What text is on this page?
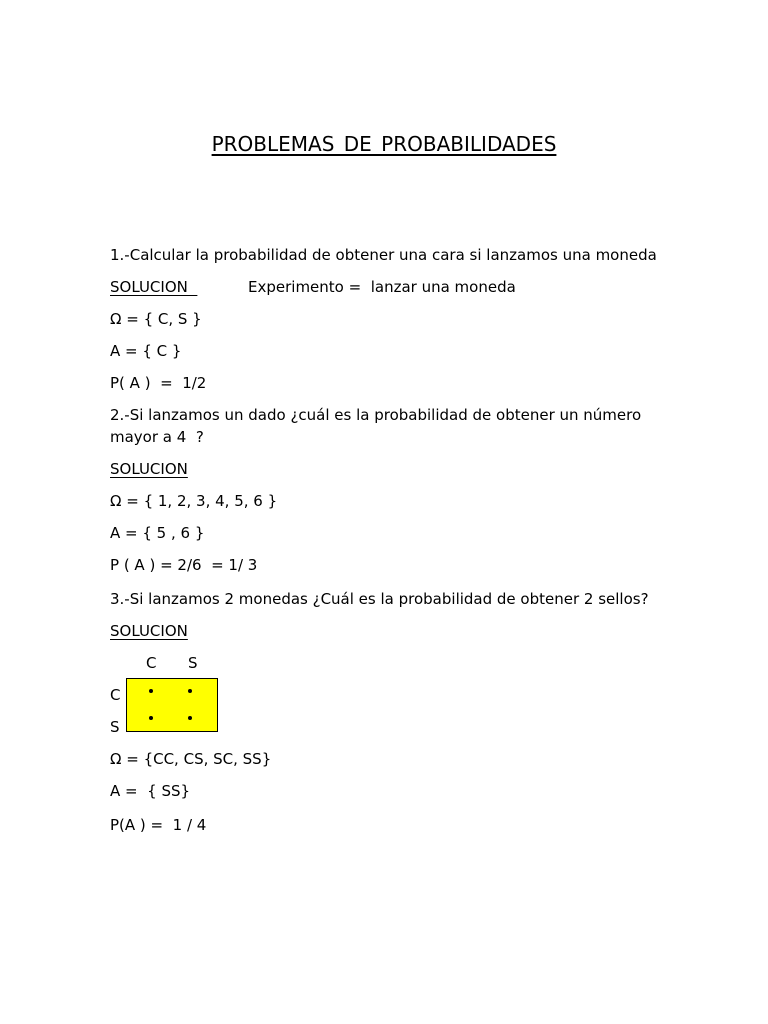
PROBLEMAS DE PROBABILIDADES
1.-Calcular la probabilidad de obtener una cara si lanzamos una moneda
SOLUCION	Experimento =  lanzar una moneda
Ω = { C, S }
A = { C }
P( A )  =  1/2
2.-Si lanzamos un dado ¿cuál es la probabilidad de obtener un número
mayor a 4  ?
SOLUCION
Ω = { 1, 2, 3, 4, 5, 6 }
A = { 5 , 6 }
P ( A ) = 2/6  = 1/ 3
3.-Si lanzamos 2 monedas ¿Cuál es la probabilidad de obtener 2 sellos?
SOLUCION
C S
C
S
Ω = {CC, CS, SC, SS}
A =  { SS}
P(A ) =  1 / 4
